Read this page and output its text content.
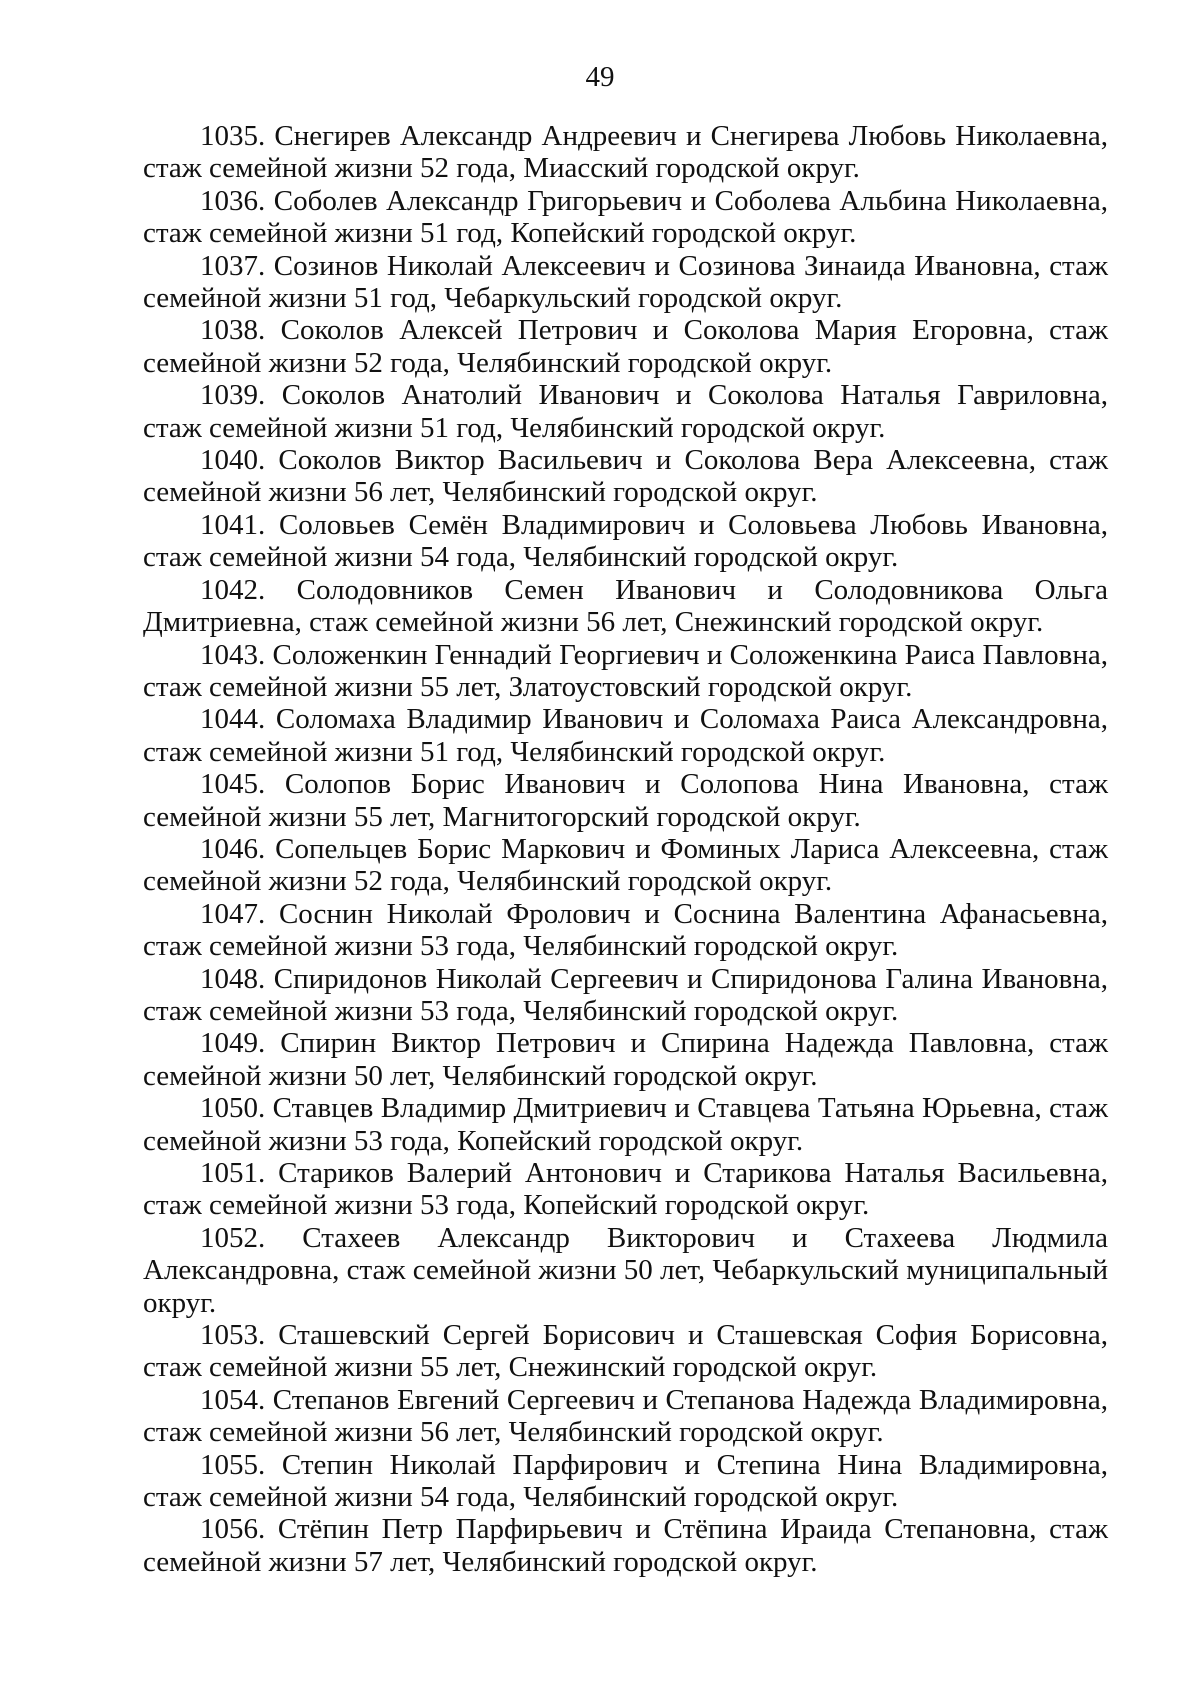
49

1035. Снегирев Александр Андреевич и Снегирева Любовь Николаевна, стаж семейной жизни 52 года, Миасский городской округ.

1036. Соболев Александр Григорьевич и Соболева Альбина Николаевна, стаж семейной жизни 51 год, Копейский городской округ.

1037. Созинов Николай Алексеевич и Созинова Зинаида Ивановна, стаж семейной жизни 51 год, Чебаркульский городской округ.

1038. Соколов Алексей Петрович и Соколова Мария Егоровна, стаж семейной жизни 52 года, Челябинский городской округ.

1039. Соколов Анатолий Иванович и Соколова Наталья Гавриловна, стаж семейной жизни 51 год, Челябинский городской округ.

1040. Соколов Виктор Васильевич и Соколова Вера Алексеевна, стаж семейной жизни 56 лет, Челябинский городской округ.

1041. Соловьев Семён Владимирович и Соловьева Любовь Ивановна, стаж семейной жизни 54 года, Челябинский городской округ.

1042. Солодовников Семен Иванович и Солодовникова Ольга Дмитриевна, стаж семейной жизни 56 лет, Снежинский городской округ.

1043. Соложенкин Геннадий Георгиевич и Соложенкина Раиса Павловна, стаж семейной жизни 55 лет, Златоустовский городской округ.

1044. Соломаха Владимир Иванович и Соломаха Раиса Александровна, стаж семейной жизни 51 год, Челябинский городской округ.

1045. Солопов Борис Иванович и Солопова Нина Ивановна, стаж семейной жизни 55 лет, Магнитогорский городской округ.

1046. Сопельцев Борис Маркович и Фоминых Лариса Алексеевна, стаж семейной жизни 52 года, Челябинский городской округ.

1047. Соснин Николай Фролович и Соснина Валентина Афанасьевна, стаж семейной жизни 53 года, Челябинский городской округ.

1048. Спиридонов Николай Сергеевич и Спиридонова Галина Ивановна, стаж семейной жизни 53 года, Челябинский городской округ.

1049. Спирин Виктор Петрович и Спирина Надежда Павловна, стаж семейной жизни 50 лет, Челябинский городской округ.

1050. Ставцев Владимир Дмитриевич и Ставцева Татьяна Юрьевна, стаж семейной жизни 53 года, Копейский городской округ.

1051. Стариков Валерий Антонович и Старикова Наталья Васильевна, стаж семейной жизни 53 года, Копейский городской округ.

1052. Стахеев Александр Викторович и Стахеева Людмила Александровна, стаж семейной жизни 50 лет, Чебаркульский муниципальный округ.

1053. Сташевский Сергей Борисович и Сташевская София Борисовна, стаж семейной жизни 55 лет, Снежинский городской округ.

1054. Степанов Евгений Сергеевич и Степанова Надежда Владимировна, стаж семейной жизни 56 лет, Челябинский городской округ.

1055. Степин Николай Парфирович и Степина Нина Владимировна, стаж семейной жизни 54 года, Челябинский городской округ.

1056. Стёпин Петр Парфирьевич и Стёпина Ираида Степановна, стаж семейной жизни 57 лет, Челябинский городской округ.
